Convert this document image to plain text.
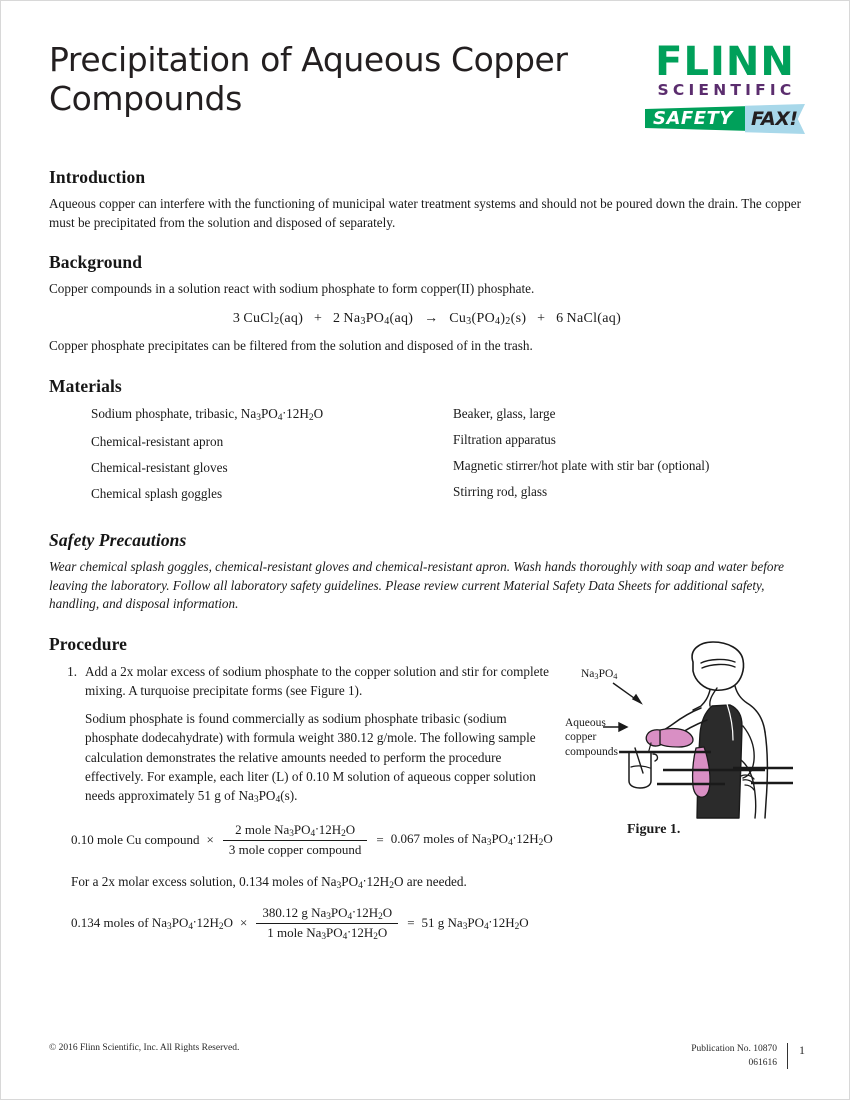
Precipitation of Aqueous Copper Compounds
FLINN
SCIENTIFIC
SAFETY FAX!
Introduction

Aqueous copper can interfere with the functioning of municipal water treatment systems and should not be poured down the drain. The copper must be precipitated from the solution and disposed of separately.

Background

Copper compounds in a solution react with sodium phosphate to form copper(II) phosphate.

3 CuCl$_2$(aq) + 2 $Na_3PO_4(aq) \to Cu_3(PO_4)_2(s) + 6$ NaCl(aq)

Copper phosphate precipitates can be filtered from the solution and disposed of in the trash.

Materials
Sodium phosphate, tribasic, $Na_3PO_4\cdot 12H_2O$
Chemical-resistant apron
Chemical-resistant gloves
Chemical splash goggles
Beaker, glass, large
Filtration apparatus
Magnetic stirrer/hot plate with stir bar (optional)
Stirring rod, glass
Safety Precautions

Wear chemical splash goggles, chemical-resistant gloves and chemical-resistant apron. Wash hands thoroughly with soap and water before leaving the laboratory. Follow all laboratory safety guidelines. Please review current Material Safety Data Sheets for additional safety, handling, and disposal information.

Procedure
1. Add a 2x molar excess of sodium phosphate to the copper solution and stir for complete mixing. A turquoise precipitate forms (see Figure 1).
Sodium phosphate is found commercially as sodium phosphate tribasic (sodium phosphate dodecahydrate) with formula weight 380.12 g/mole. The following sample calculation demonstrates the relative amounts needed to perform the procedure effectively. For example, each liter (L) of 0.10 M solution of aqueous copper solution needs approximately 51 g of $Na_3PO_4(s)$.
0.10 mole Cu compound × $\frac{2 mole Na_3PO_4\cdot 12H_2O}{\text{3 mole copper compound}} = 0.067$ moles of $Na_3PO_4\cdot 12H_2O$
For a 2x molar excess solution, 0.134 moles of $Na_3PO_4\cdot 12H_2O$ are needed.
0.134 moles of $Na_3PO_4\cdot 12H_2O \times \frac{380.12 g Na_3PO_4\cdot 12H_2O}{1 mole Na_3PO_4\cdot 12H_2O} = 51$ g $Na_3PO_4\cdot 12H_2O$
$Na_3PO_4$
Aqueous
copper
compounds
Figure 1.
© 2016 Flinn Scientific, Inc. All Rights Reserved.	Publication No. 10870
061616
1
